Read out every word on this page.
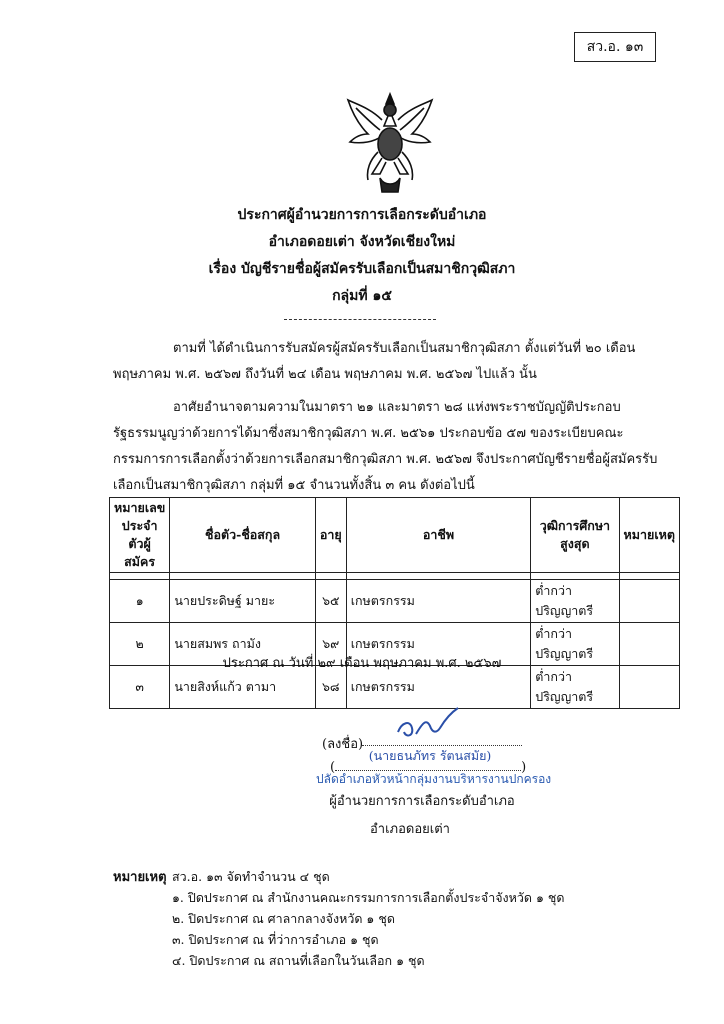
สว.อ. ๑๓
ประกาศผู้อำนวยการการเลือกระดับอำเภอ
อำเภอดอยเต่า จังหวัดเชียงใหม่
เรื่อง บัญชีรายชื่อผู้สมัครรับเลือกเป็นสมาชิกวุฒิสภา
กลุ่มที่ ๑๕

ตามที่ ได้ดำเนินการรับสมัครผู้สมัครรับเลือกเป็นสมาชิกวุฒิสภา ตั้งแต่วันที่ ๒๐ เดือน พฤษภาคม พ.ศ. ๒๕๖๗ ถึงวันที่ ๒๔ เดือน พฤษภาคม พ.ศ. ๒๕๖๗ ไปแล้ว นั้น

อาศัยอำนาจตามความในมาตรา ๒๑ และมาตรา ๒๘ แห่งพระราชบัญญัติประกอบรัฐธรรมนูญว่าด้วยการได้มาซึ่งสมาชิกวุฒิสภา พ.ศ. ๒๕๖๑ ประกอบข้อ ๕๗ ของระเบียบคณะกรรมการการเลือกตั้งว่าด้วยการเลือกสมาชิกวุฒิสภา พ.ศ. ๒๕๖๗ จึงประกาศบัญชีรายชื่อผู้สมัครรับเลือกเป็นสมาชิกวุฒิสภา กลุ่มที่ ๑๕ จำนวนทั้งสิ้น ๓ คน ดังต่อไปนี้

หมายเลขประจำตัวผู้สมัคร	ชื่อตัว-ชื่อสกุล	อายุ	อาชีพ	วุฒิการศึกษาสูงสุด	หมายเหตุ

๑	นายประดิษฐ์ มายะ	๖๕	เกษตรกรรม	ต่ำกว่าปริญญาตรี	
๒	นายสมพร ถามัง	๖๙	เกษตรกรรม	ต่ำกว่าปริญญาตรี	
๓	นายสิงห์แก้ว ตามา	๖๘	เกษตรกรรม	ต่ำกว่าปริญญาตรี	
ประกาศ ณ วันที่ ๒๙ เดือน พฤษภาคม พ.ศ. ๒๕๖๗
(ลงชื่อ)
(นายธนภัทร รัตนสมัย)
(	)
ปลัดอำเภอหัวหน้ากลุ่มงานบริหารงานปกครอง
ผู้อำนวยการการเลือกระดับอำเภอ
อำเภอดอยเต่า
หมายเหตุ สว.อ. ๑๓ จัดทำจำนวน ๔ ชุด
๑. ปิดประกาศ ณ สำนักงานคณะกรรมการการเลือกตั้งประจำจังหวัด ๑ ชุด
๒. ปิดประกาศ ณ ศาลากลางจังหวัด ๑ ชุด
๓. ปิดประกาศ ณ ที่ว่าการอำเภอ ๑ ชุด
๔. ปิดประกาศ ณ สถานที่เลือกในวันเลือก ๑ ชุด
